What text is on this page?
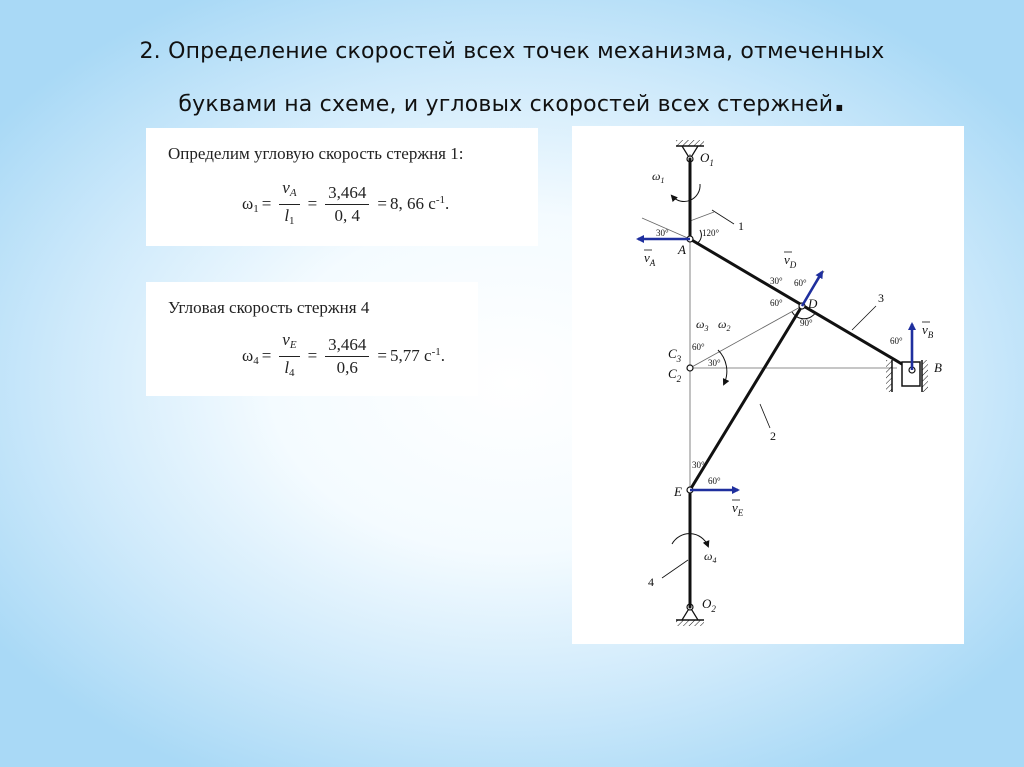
2. Определение скоростей всех точек механизма, отмеченных
буквами на схеме, и угловых скоростей всех стержней.
Определим угловую скорость стержня 1:
$\omega_1 = \frac{v_A}{l_1} = \frac{3,464}{0, 4} = 8$, 66 $с^{-1}$.
Угловая скорость стержня 4
$\omega_4 = \frac{v_E}{l_4} = \frac{3,464}{0,6} = 5,77$ $с^{-1}$.
$O_1$
A
D
B
$C_3$
$C_2$
E
$O_2$
1
2
3
4
$\omega_1$
$\omega_3$ $\omega_2$
$\omega_4$
$v_A$	$v_D$
$v_B$
$v_E$
30°	120°
30° 60°
60°
90°
60°
60°
30°
30°
60°
